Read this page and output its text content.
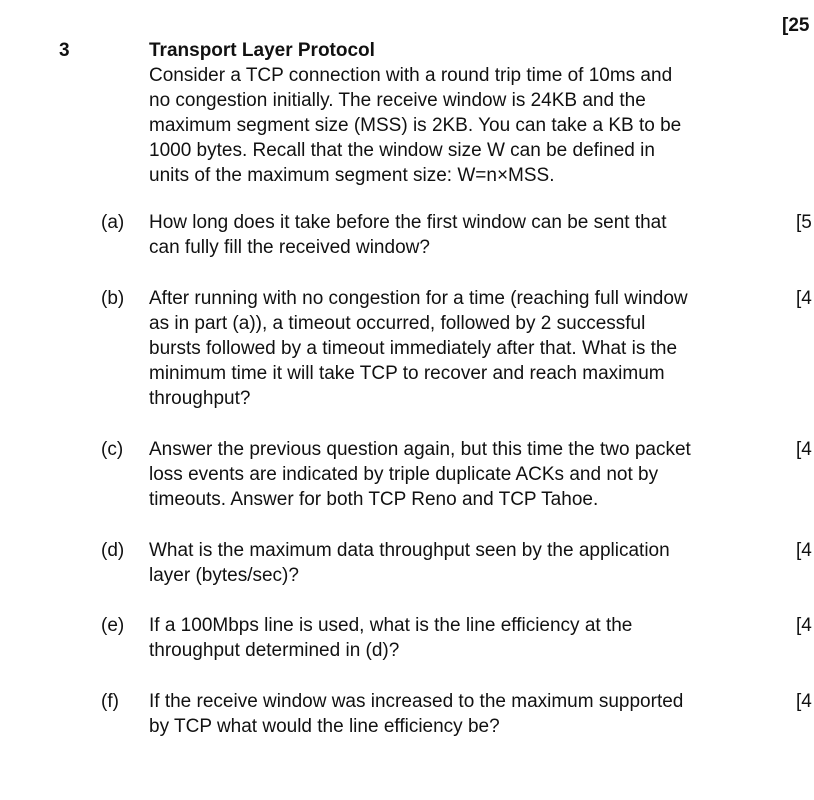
[25
3	Transport Layer Protocol
Consider a TCP connection with a round trip time of 10ms and
no congestion initially. The receive window is 24KB and the
maximum segment size (MSS) is 2KB. You can take a KB to be
1000 bytes. Recall that the window size W can be defined in
units of the maximum segment size: W=n×MSS.
(a) How long does it take before the first window can be sent that
can fully fill the received window?
[5
(b) After running with no congestion for a time (reaching full window
as in part (a)), a timeout occurred, followed by 2 successful
bursts followed by a timeout immediately after that. What is the
minimum time it will take TCP to recover and reach maximum
throughput?
[4
(c) Answer the previous question again, but this time the two packet
loss events are indicated by triple duplicate ACKs and not by
timeouts. Answer for both TCP Reno and TCP Tahoe.
[4
(d) What is the maximum data throughput seen by the application
layer (bytes/sec)?
[4
(e) If a 100Mbps line is used, what is the line efficiency at the
throughput determined in (d)?
[4
(f) If the receive window was increased to the maximum supported
by TCP what would the line efficiency be?
[4
